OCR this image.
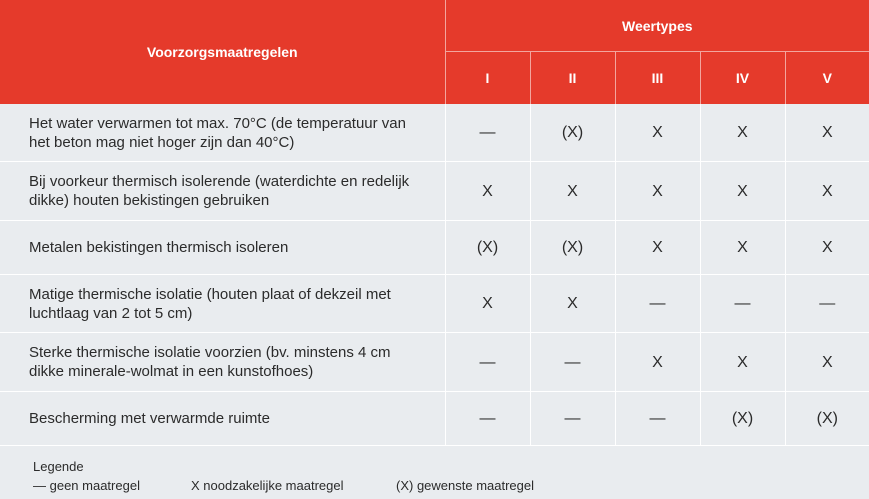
Voorzorgsmaatregelen	Weertypes				
	I	II	III	IV	V
Het water verwarmen tot max. 70°C (de temperatuur van het beton mag niet hoger zijn dan 40°C)	—	(X)	X	X	X
Bij voorkeur thermisch isolerende (waterdichte en redelijk dikke) houten bekistingen gebruiken	X	X	X	X	X
Metalen bekistingen thermisch isoleren	(X)	(X)	X	X	X
Matige thermische isolatie (houten plaat of dekzeil met luchtlaag van 2 tot 5 cm)	X	X	—	—	—
Sterke thermische isolatie voorzien (bv. minstens 4 cm dikke minerale-wolmat in een kunstofhoes)	—	—	X	X	X
Bescherming met verwarmde ruimte	—	—	—	(X)	(X)
Legende
— geen maatregel	X noodzakelijke maatregel	(X) gewenste maatregel
